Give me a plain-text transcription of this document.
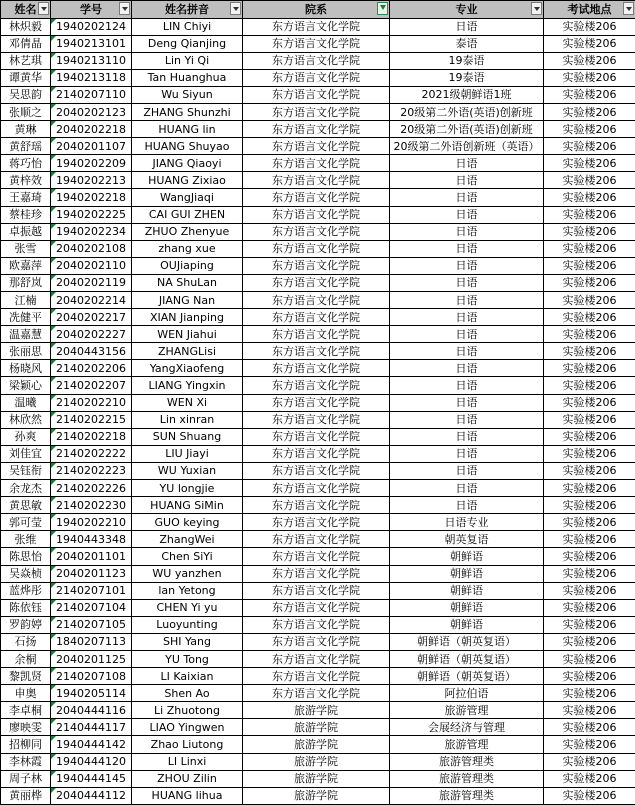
姓名	学号	姓名拼音	院系	专业	考试地点

林炽毅	1940202124	LIN Chiyi	东方语言文化学院	日语	实验楼206
邓倩晶	1940213101	Deng Qianjing	东方语言文化学院	泰语	实验楼206
林艺琪	1940213110	Lin Yi Qi	东方语言文化学院	19泰语	实验楼206
谭黄华	1940213118	Tan Huanghua	东方语言文化学院	19泰语	实验楼206
吴思韵	2140207110	Wu Siyun	东方语言文化学院	2021级朝鲜语1班	实验楼206
张顺之	2040202123	ZHANG Shunzhi	东方语言文化学院	20级第二外语(英语)创新班	实验楼206
黄琳	2040202218	HUANG lin	东方语言文化学院	20级第二外语(英语)创新班	实验楼206
黄舒瑶	2040201107	HUANG Shuyao	东方语言文化学院	20级第二外语创新班（英语）	实验楼206
蒋巧怡	1940202209	JIANG Qiaoyi	东方语言文化学院	日语	实验楼206
黄梓效	1940202213	HUANG Zixiao	东方语言文化学院	日语	实验楼206
王嘉琦	1940202218	WangJiaqi	东方语言文化学院	日语	实验楼206
蔡桂珍	1940202225	CAI GUI ZHEN	东方语言文化学院	日语	实验楼206
卓振越	1940202234	ZHUO Zhenyue	东方语言文化学院	日语	实验楼206
张雪	2040202108	zhang xue	东方语言文化学院	日语	实验楼206
欧嘉萍	2040202110	OUJiaping	东方语言文化学院	日语	实验楼206
那舒岚	2040202119	NA ShuLan	东方语言文化学院	日语	实验楼206
江楠	2040202214	JIANG Nan	东方语言文化学院	日语	实验楼206
冼健平	2040202217	XIAN Jianping	东方语言文化学院	日语	实验楼206
温嘉慧	2040202227	WEN Jiahui	东方语言文化学院	日语	实验楼206
张丽思	2040443156	ZHANGLisi	东方语言文化学院	日语	实验楼206
杨晓风	2140202206	YangXiaofeng	东方语言文化学院	日语	实验楼206
梁颖心	2140202207	LIANG Yingxin	东方语言文化学院	日语	实验楼206
温曦	2140202210	WEN Xi	东方语言文化学院	日语	实验楼206
林欣然	2140202215	Lin xinran	东方语言文化学院	日语	实验楼206
孙爽	2140202218	SUN Shuang	东方语言文化学院	日语	实验楼206
刘佳宜	2140202222	LIU Jiayi	东方语言文化学院	日语	实验楼206
吴钰衔	2140202223	WU Yuxian	东方语言文化学院	日语	实验楼206
余龙杰	2140202226	YU longjie	东方语言文化学院	日语	实验楼206
黄思敏	2140202230	HUANG SiMin	东方语言文化学院	日语	实验楼206
郭可莹	1940202210	GUO keying	东方语言文化学院	日语专业	实验楼206
张维	1940443348	ZhangWei	东方语言文化学院	朝英复语	实验楼206
陈思怡	2040201101	Chen SiYi	东方语言文化学院	朝鲜语	实验楼206
吴焱桢	2040201123	WU yanzhen	东方语言文化学院	朝鲜语	实验楼206
蓝烨彤	2140207101	lan Yetong	东方语言文化学院	朝鲜语	实验楼206
陈依钰	2140207104	CHEN Yi yu	东方语言文化学院	朝鲜语	实验楼206
罗韵婷	2140207105	Luoyunting	东方语言文化学院	朝鲜语	实验楼206
石扬	1840207113	SHI Yang	东方语言文化学院	朝鲜语（朝英复语）	实验楼206
余桐	2040201125	YU Tong	东方语言文化学院	朝鲜语（朝英复语）	实验楼206
黎凯贤	2140207108	LI Kaixian	东方语言文化学院	朝鲜语（朝英复语）	实验楼206
申奥	1940205114	Shen Ao	东方语言文化学院	阿拉伯语	实验楼206
李卓桐	2040444116	Li Zhuotong	旅游学院	旅游管理	实验楼206
廖映雯	2140444117	LIAO Yingwen	旅游学院	会展经济与管理	实验楼206
招柳同	1940444142	Zhao Liutong	旅游学院	旅游管理	实验楼206
李林霞	1940444120	LI Linxi	旅游学院	旅游管理类	实验楼206
周子林	1940444145	ZHOU Zilin	旅游学院	旅游管理类	实验楼206
黄丽桦	2040444112	HUANG lihua	旅游学院	旅游管理类	实验楼206
